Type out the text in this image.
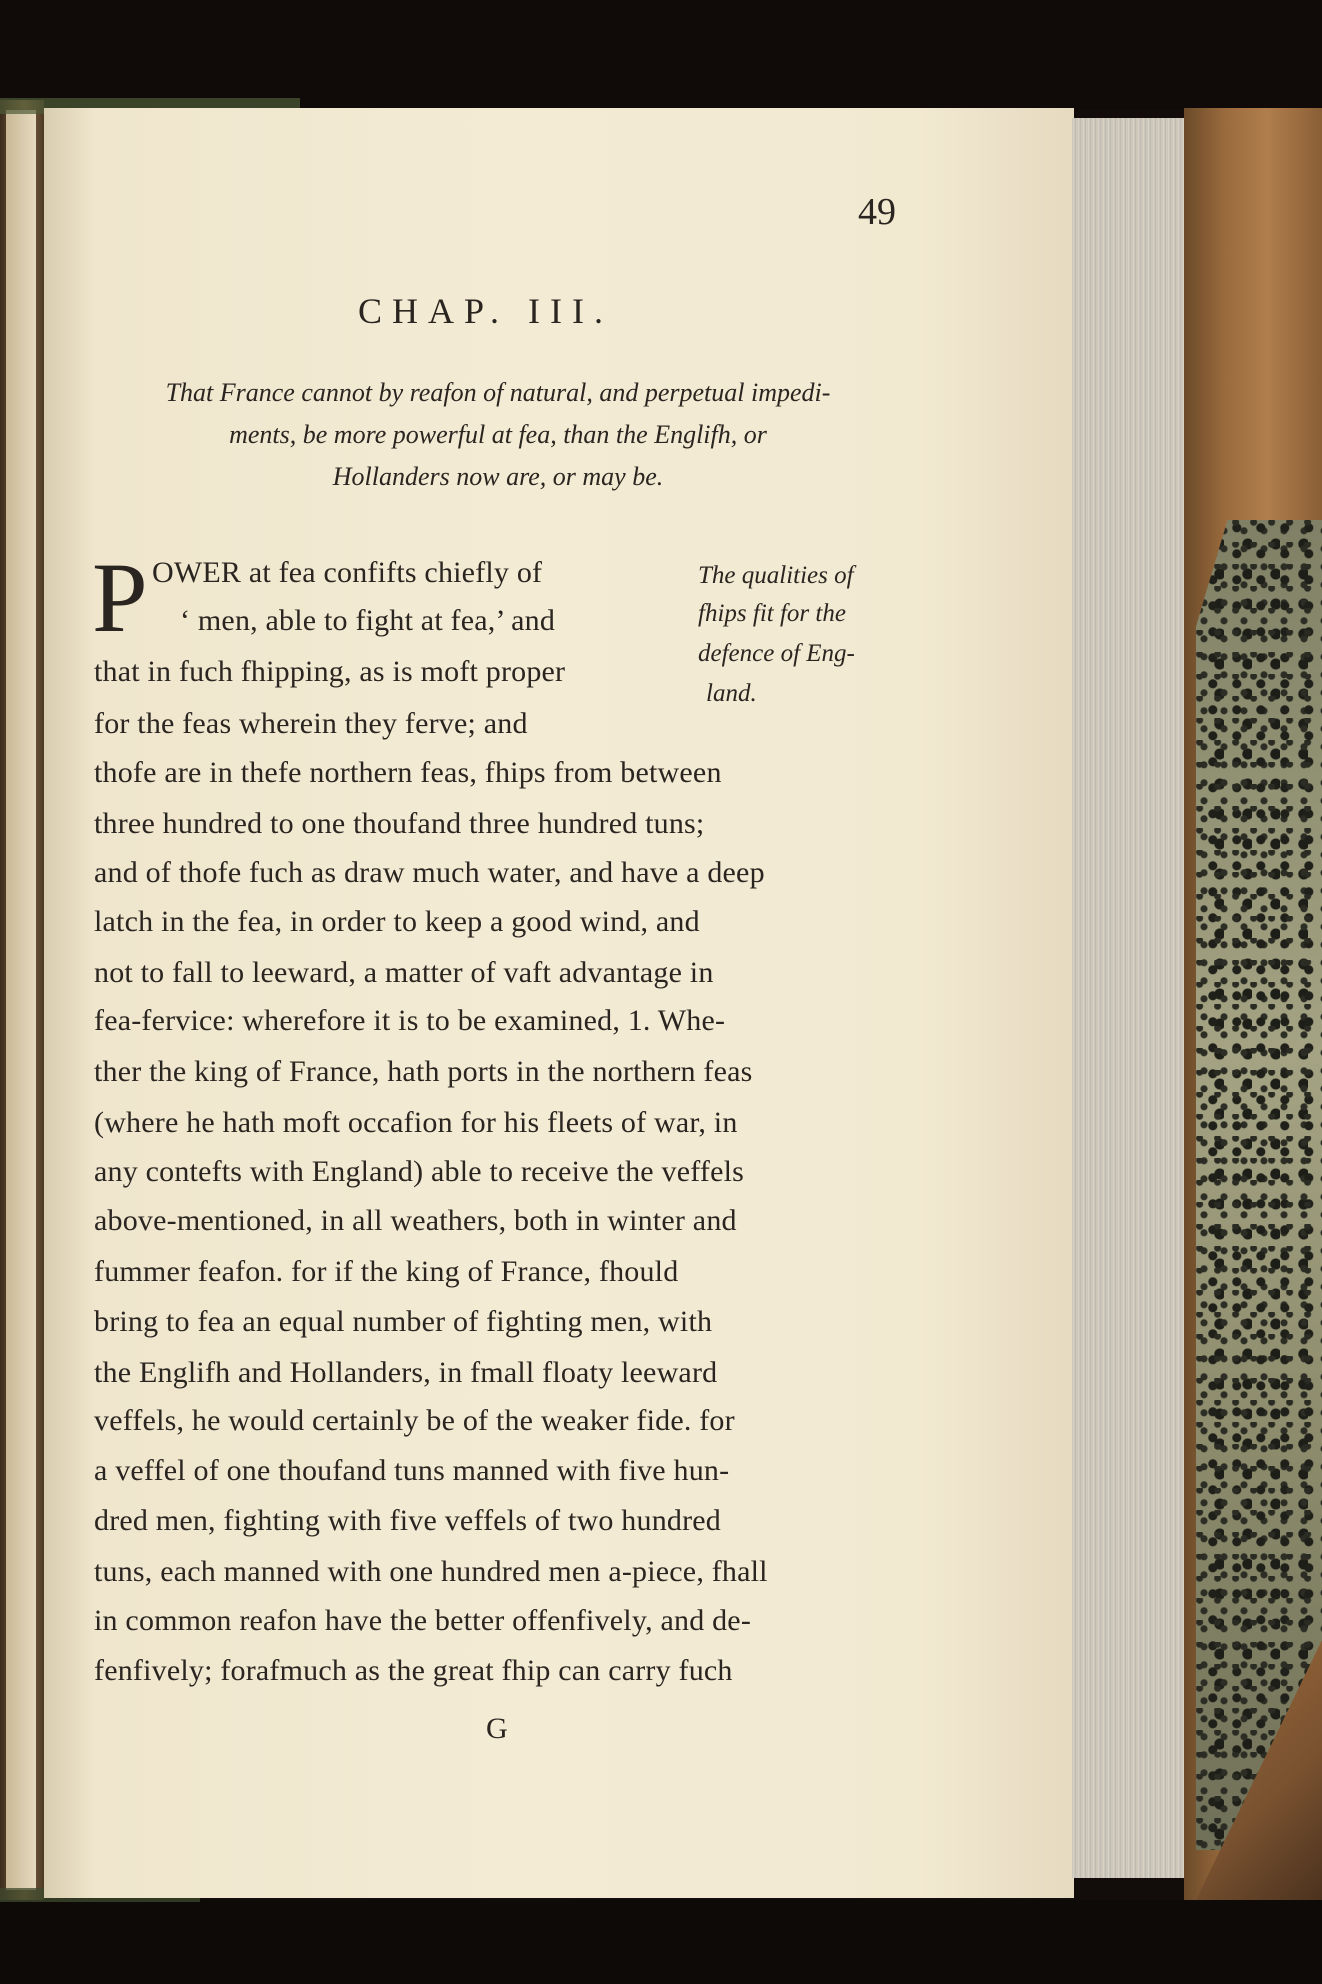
49
CHAP. III.
That France cannot by reafon of natural, and perpetual impedi-
ments, be more powerful at fea, than the Englifh, or
Hollanders now are, or may be.
P OWER at fea confifts chiefly of
‘ men, able to fight at fea,’ and
that in fuch fhipping, as is moft proper
for the feas wherein they ferve; and
thofe are in thefe northern feas, fhips from between
three hundred to one thoufand three hundred tuns;
and of thofe fuch as draw much water, and have a deep
latch in the fea, in order to keep a good wind, and
not to fall to leeward, a matter of vaft advantage in
fea-fervice: wherefore it is to be examined, 1. Whe-
ther the king of France, hath ports in the northern feas
(where he hath moft occafion for his fleets of war, in
any contefts with England) able to receive the veffels
above-mentioned, in all weathers, both in winter and
fummer feafon. for if the king of France, fhould
bring to fea an equal number of fighting men, with
the Englifh and Hollanders, in fmall floaty leeward
veffels, he would certainly be of the weaker fide. for
a veffel of one thoufand tuns manned with five hun-
dred men, fighting with five veffels of two hundred
tuns, each manned with one hundred men a-piece, fhall
in common reafon have the better offenfively, and de-
fenfively; forafmuch as the great fhip can carry fuch
The qualities of
fhips fit for the
defence of Eng-
land.
G
